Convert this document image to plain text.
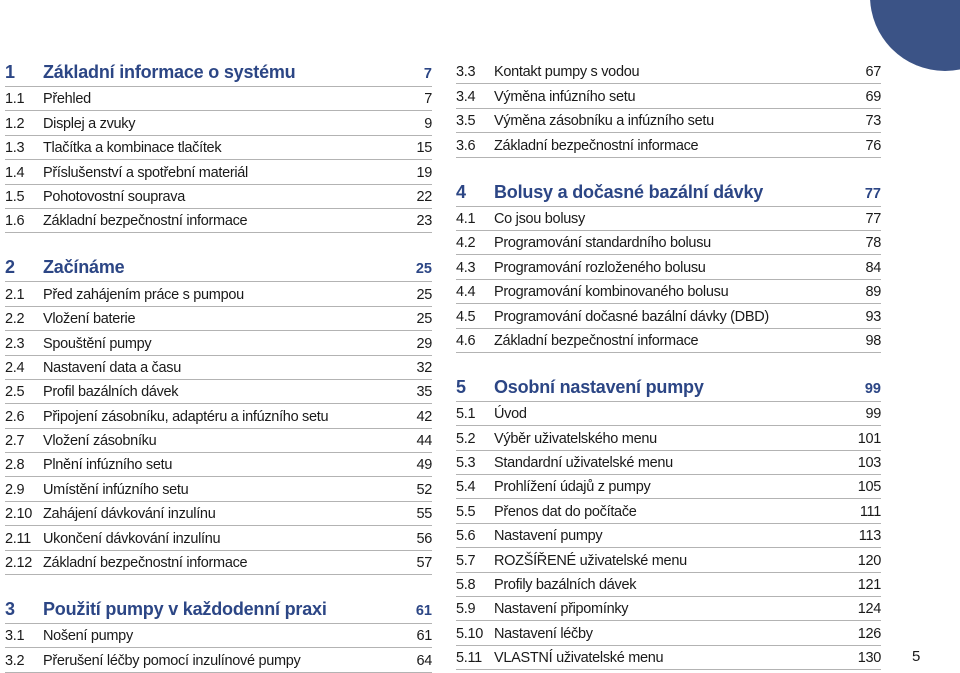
1	Základní informace o systému	7
1.1	Přehled	7
1.2	Displej a zvuky	9
1.3	Tlačítka a kombinace tlačítek	15
1.4	Příslušenství a spotřební materiál	19
1.5	Pohotovostní souprava	22
1.6	Základní bezpečnostní informace	23
2	Začínáme	25
2.1	Před zahájením práce s pumpou	25
2.2	Vložení baterie	25
2.3	Spouštění pumpy	29
2.4	Nastavení data a času	32
2.5	Profil bazálních dávek	35
2.6	Připojení zásobníku, adaptéru a infúzního setu	42
2.7	Vložení zásobníku	44
2.8	Plnění infúzního setu	49
2.9	Umístění infúzního setu	52
2.10 Zahájení dávkování inzulínu	55
2.11 Ukončení dávkování inzulínu	56
2.12 Základní bezpečnostní informace	57
3	Použití pumpy v každodenní praxi	61
3.1	Nošení pumpy	61
3.2	Přerušení léčby pomocí inzulínové pumpy	64
3.3	Kontakt pumpy s vodou	67
3.4	Výměna infúzního setu	69
3.5	Výměna zásobníku a infúzního setu	73
3.6	Základní bezpečnostní informace	76
4	Bolusy a dočasné bazální dávky	77
4.1	Co jsou bolusy	77
4.2	Programování standardního bolusu	78
4.3	Programování rozloženého bolusu	84
4.4	Programování kombinovaného bolusu	89
4.5	Programování dočasné bazální dávky (DBD)	93
4.6	Základní bezpečnostní informace	98
5	Osobní nastavení pumpy	99
5.1	Úvod	99
5.2	Výběr uživatelského menu	101
5.3	Standardní uživatelské menu	103
5.4	Prohlížení údajů z pumpy	105
5.5	Přenos dat do počítače	111
5.6	Nastavení pumpy	113
5.7	ROZŠÍŘENÉ uživatelské menu	120
5.8	Profily bazálních dávek	121
5.9	Nastavení připomínky	124
5.10 Nastavení léčby	126
5.11 VLASTNÍ uživatelské menu	130 5
